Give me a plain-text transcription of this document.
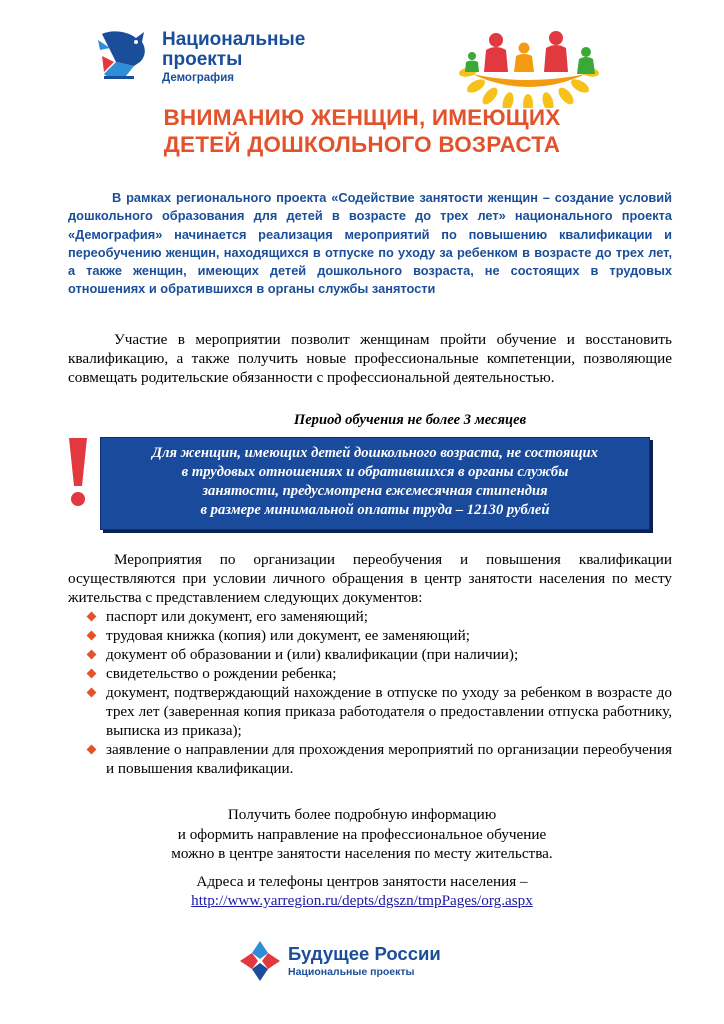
Национальные
проекты
Демография
ВНИМАНИЮ ЖЕНЩИН, ИМЕЮЩИХ
ДЕТЕЙ ДОШКОЛЬНОГО ВОЗРАСТА

В рамках регионального проекта «Содействие занятости женщин – создание условий дошкольного образования для детей в возрасте до трех лет» национального проекта «Демография» начинается реализация мероприятий по повышению квалификации и переобучению женщин, находящихся в отпуске по уходу за ребенком в возрасте до трех лет, а также женщин, имеющих детей дошкольного возраста, не состоящих в трудовых отношениях и обратившихся в органы службы занятости

Участие в мероприятии позволит женщинам пройти обучение и восстановить квалификацию, а также получить новые профессиональные компетенции, позволяющие совмещать родительские обязанности с профессиональной деятельностью.

Период обучения не более 3 месяцев
Для женщин, имеющих детей дошкольного возраста, не состоящих
в трудовых отношениях и обратившихся в органы службы
занятости, предусмотрена ежемесячная стипендия
в размере минимальной оплаты труда – 12130 рублей

Мероприятия по организации переобучения и повышения квалификации осуществляются при условии личного обращения в центр занятости населения по месту жительства с представлением следующих документов:

паспорт или документ, его заменяющий;
трудовая книжка (копия) или документ, ее заменяющий;
документ об образовании и (или) квалификации (при наличии);
свидетельство о рождении ребенка;
документ, подтверждающий нахождение в отпуске по уходу за ребенком в возрасте до трех лет (заверенная копия приказа работодателя о предоставлении отпуска работнику, выписка из приказа);
заявление о направлении для прохождения мероприятий по организации переобучения и повышения квалификации.
Получить более подробную информацию
и оформить направление на профессиональное обучение
можно в центре занятости населения по месту жительства.
Адреса и телефоны центров занятости населения –
http://www.yarregion.ru/depts/dgszn/tmpPages/org.aspx
Будущее России
Национальные проекты
